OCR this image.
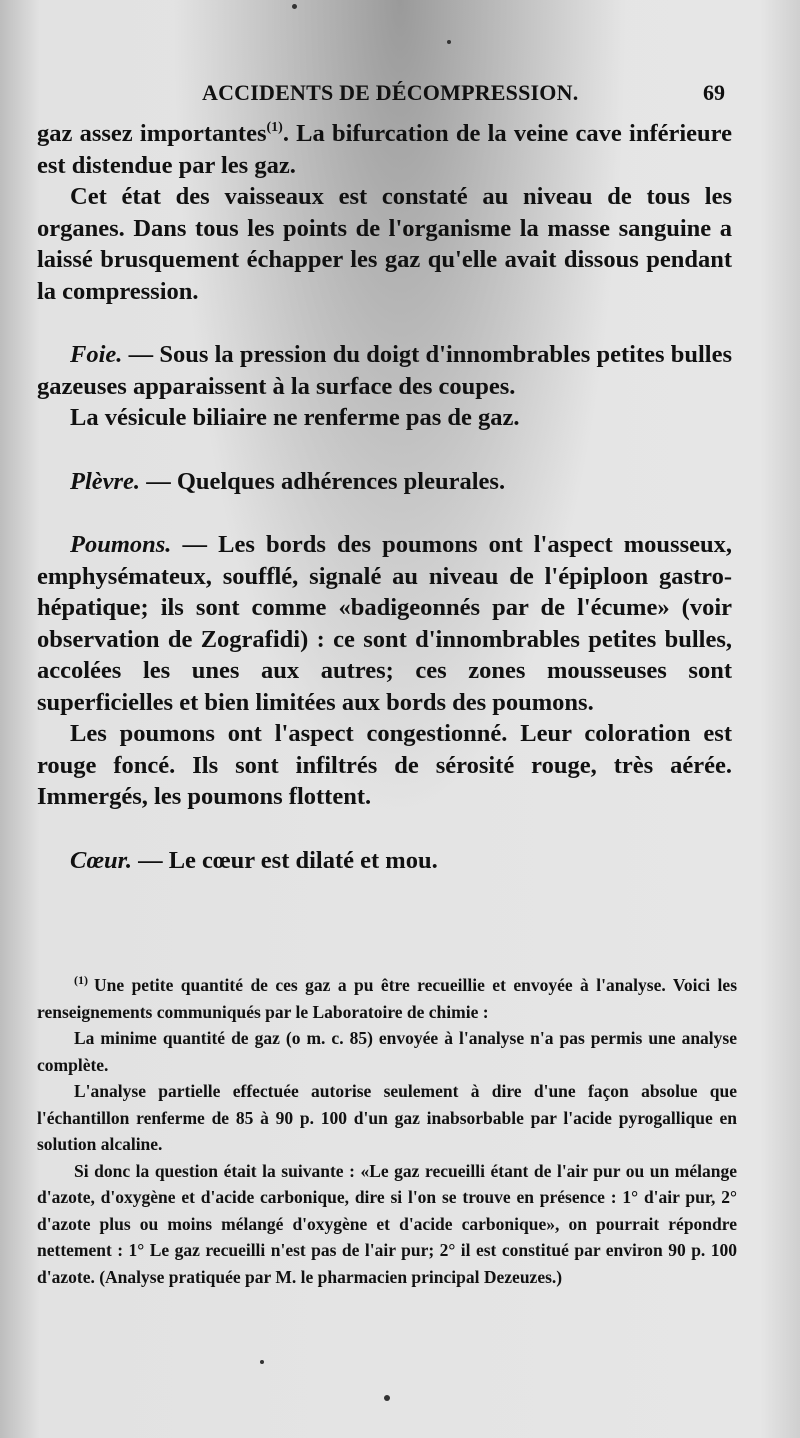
ACCIDENTS DE DÉCOMPRESSION.	69

gaz assez importantes$^{(1)}$. La bifurcation de la veine cave inférieure est distendue par les gaz.

Cet état des vaisseaux est constaté au niveau de tous les organes. Dans tous les points de l'organisme la masse sanguine a laissé brusquement échapper les gaz qu'elle avait dissous pendant la compression.

Foie. — Sous la pression du doigt d'innombrables petites bulles gazeuses apparaissent à la surface des coupes.

La vésicule biliaire ne renferme pas de gaz.

Plèvre. — Quelques adhérences pleurales.

Poumons. — Les bords des poumons ont l'aspect mousseux, emphysémateux, soufflé, signalé au niveau de l'épiploon gastro-hépatique; ils sont comme «badigeonnés par de l'écume» (voir observation de Zografidi) : ce sont d'innombrables petites bulles, accolées les unes aux autres; ces zones mousseuses sont superficielles et bien limitées aux bords des poumons.

Les poumons ont l'aspect congestionné. Leur coloration est rouge foncé. Ils sont infiltrés de sérosité rouge, très aérée. Immergés, les poumons flottent.

Cœur. — Le cœur est dilaté et mou.

$^{(1)}$ Une petite quantité de ces gaz a pu être recueillie et envoyée à l'analyse. Voici les renseignements communiqués par le Laboratoire de chimie :

La minime quantité de gaz (o m. c. 85) envoyée à l'analyse n'a pas permis une analyse complète.

L'analyse partielle effectuée autorise seulement à dire d'une façon absolue que l'échantillon renferme de 85 à 90 p. 100 d'un gaz inabsorbable par l'acide pyrogallique en solution alcaline.

Si donc la question était la suivante : «Le gaz recueilli étant de l'air pur ou un mélange d'azote, d'oxygène et d'acide carbonique, dire si l'on se trouve en présence : 1° d'air pur, 2° d'azote plus ou moins mélangé d'oxygène et d'acide carbonique», on pourrait répondre nettement : 1° Le gaz recueilli n'est pas de l'air pur; 2° il est constitué par environ 90 p. 100 d'azote. (Analyse pratiquée par M. le pharmacien principal Dezeuzes.)
